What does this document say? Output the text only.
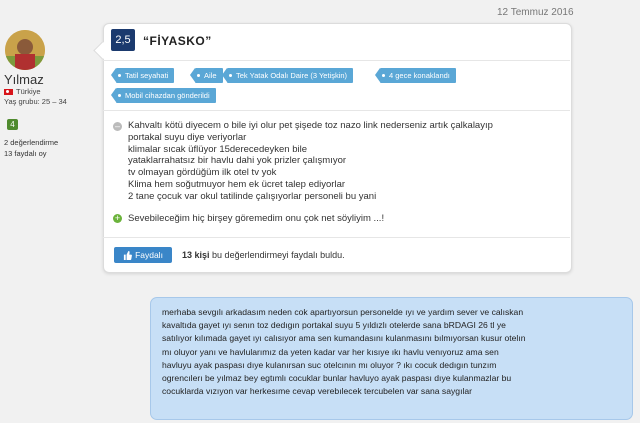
12 Temmuz 2016
Yılmaz
Türkiye
Yaş grubu: 25 – 34
4
2 değerlendirme
13 faydalı oy
2,5	“FİYASKO”
Tatil seyahati	Aile	Tek Yatak Odalı Daire (3 Yetişkin)	4 gece konaklandı
Mobil cihazdan gönderildi
– Kahvaltı kötü diyecem o bile iyi olur pet şişede toz nazo link nederseniz artık çalkalayıp
portakal suyu diye veriyorlar
klimalar sıcak üflüyor 15derecedeyken bile
yataklarrahatsız bir havlu dahi yok prizler çalışmıyor
tv olmayan gördüğüm ilk otel tv yok
Klima hem soğutmuyor hem ek ücret talep ediyorlar
2 tane çocuk var okul tatilinde çalışıyorlar personeli bu yani
+ Sevebileceğim hiç birşey göremedim onu çok net söyliyim ...!
Faydalı 13 kişi bu değerlendirmeyi faydalı buldu.
merhaba sevgılı arkadasım neden cok apartıyorsun personelde ıyı ve yardım sever ve calıskan
kavaltıda gayet ıyı senın toz dedıgın portakal suyu 5 yıldızlı otelerde sana bRDAGI 26 tl ye
satılıyor kılımada gayet ıyı calısıyor ama sen kumandasını kulanmasını bılmıyorsan kusur otelın
mı oluyor yanı ve havlularımız da yeten kadar var her kısıye ıkı havlu venıyoruz ama sen
havluyu ayak paspası dıye kulanırsan suc otelcının mı oluyor ? ıkı cocuk dedıgın tunzım
ogrencılerı be yılmaz bey egtımlı cocuklar bunlar havluyo ayak paspası dıye kulanmazlar bu
cocuklarda vızıyon var herkesıme cevap verebılecek tercubelen var sana saygılar
